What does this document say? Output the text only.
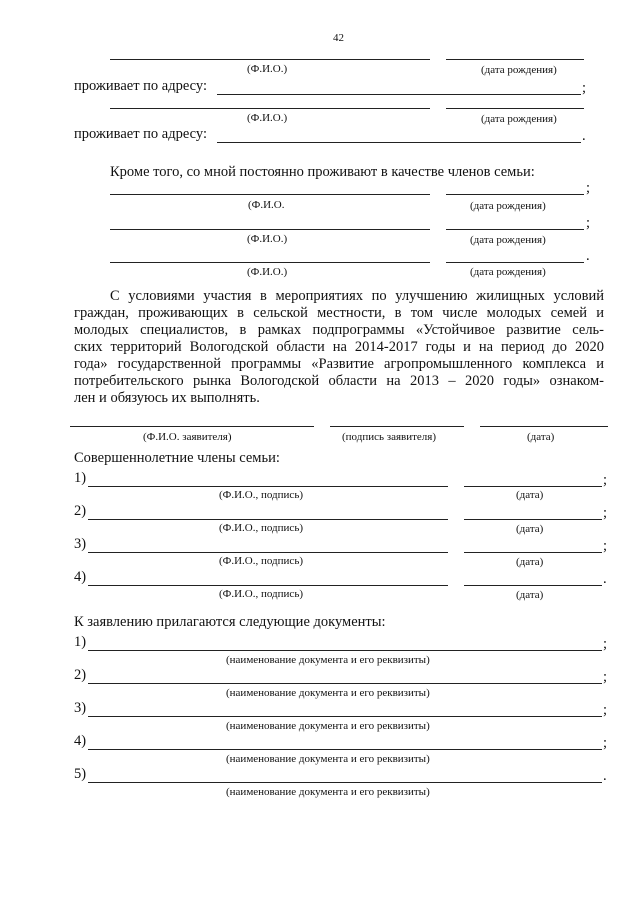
42
(Ф.И.О.)	(дата рождения)
проживает по адресу:	;
(Ф.И.О.)	(дата рождения)
проживает по адресу:	.
Кроме того, со мной постоянно проживают в качестве членов семьи:
;
(Ф.И.О.	(дата рождения)
;
(Ф.И.О.)	(дата рождения)
.
(Ф.И.О.)	(дата рождения)
С условиями участия в мероприятиях по улучшению жилищных условий
граждан, проживающих в сельской местности, в том числе молодых семей и
молодых специалистов, в рамках подпрограммы «Устойчивое развитие сель-
ских территорий Вологодской области на 2014-2017 годы и на период до 2020
года» государственной программы «Развитие агропромышленного комплекса и
потребительского рынка Вологодской области на 2013 – 2020 годы» ознаком-
лен и обязуюсь их выполнять.
(Ф.И.О. заявителя)	(подпись заявителя)	(дата)
Совершеннолетние члены семьи:
1)	;
(Ф.И.О., подпись)	(дата)
2)	;
(Ф.И.О., подпись)	(дата)
3)	;
(Ф.И.О., подпись)	(дата)
4)	.
(Ф.И.О., подпись)	(дата)
К заявлению прилагаются следующие документы:
1)	;
(наименование документа и его реквизиты)
2)	;
(наименование документа и его реквизиты)
3)	;
(наименование документа и его реквизиты)
4)	;
(наименование документа и его реквизиты)
5)	.
(наименование документа и его реквизиты)
